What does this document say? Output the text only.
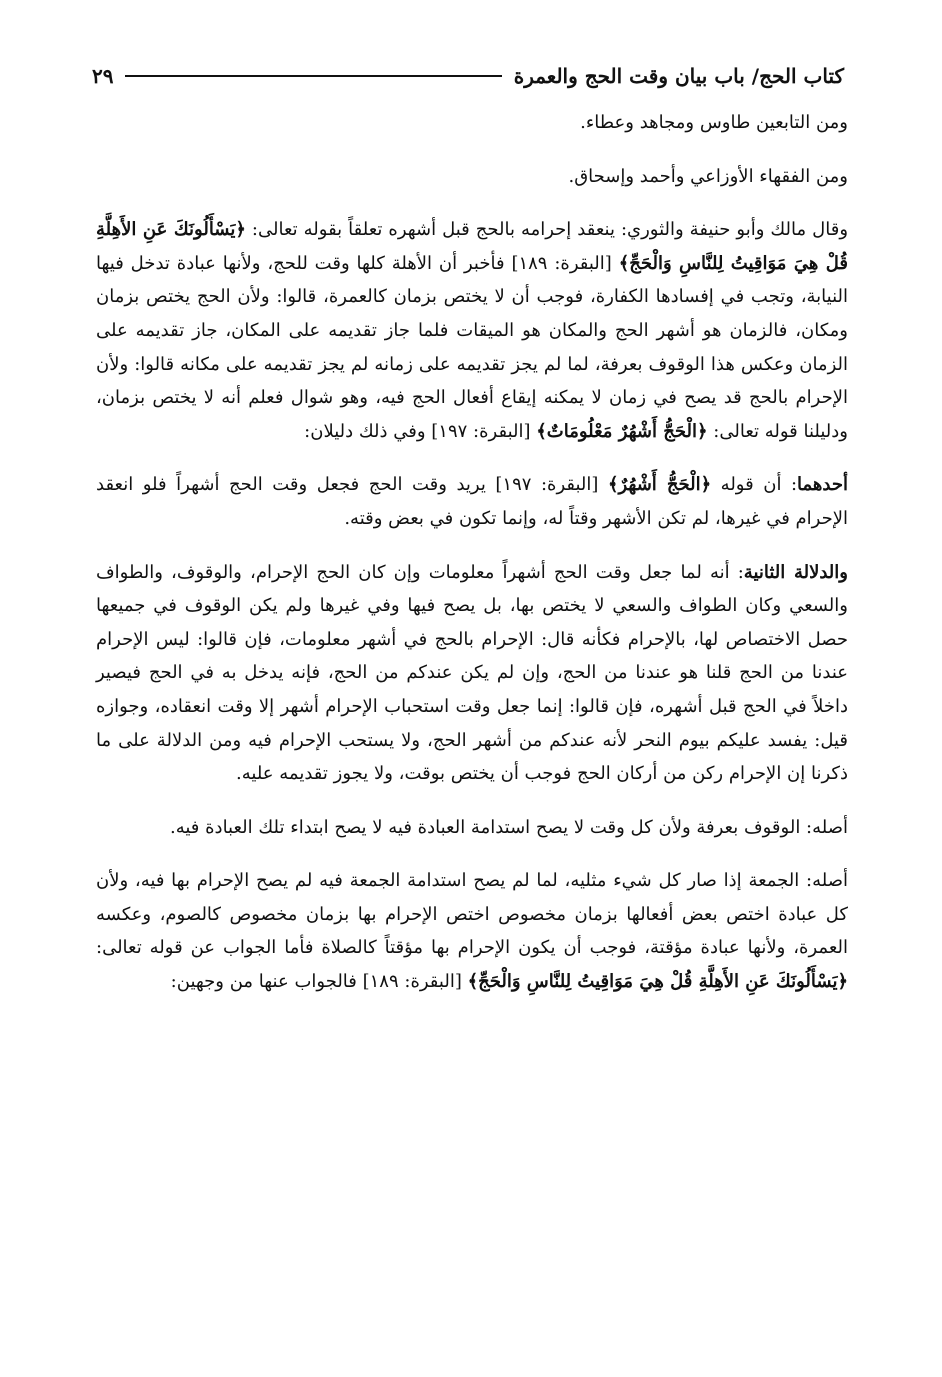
كتاب الحج/ باب بيان وقت الحج والعمرة
٢٩

ومن التابعين طاوس ومجاهد وعطاء.

ومن الفقهاء الأوزاعي وأحمد وإسحاق.

وقال مالك وأبو حنيفة والثوري: ينعقد إحرامه بالحج قبل أشهره تعلقاً بقوله تعالى: ﴿يَسْأَلُونَكَ عَنِ الأَهِلَّةِ قُلْ هِيَ مَوَاقِيتُ لِلنَّاسِ وَالْحَجِّ﴾ [البقرة: ١٨٩] فأخبر أن الأهلة كلها وقت للحج، ولأنها عبادة تدخل فيها النيابة، وتجب في إفسادها الكفارة، فوجب أن لا يختص بزمان كالعمرة، قالوا: ولأن الحج يختص بزمان ومكان، فالزمان هو أشهر الحج والمكان هو الميقات فلما جاز تقديمه على المكان، جاز تقديمه على الزمان وعكس هذا الوقوف بعرفة، لما لم يجز تقديمه على زمانه لم يجز تقديمه على مكانه قالوا: ولأن الإحرام بالحج قد يصح في زمان لا يمكنه إيقاع أفعال الحج فيه، وهو شوال فعلم أنه لا يختص بزمان، ودليلنا قوله تعالى: ﴿الْحَجُّ أَشْهُرٌ مَعْلُومَاتٌ﴾ [البقرة: ١٩٧] وفي ذلك دليلان:

أحدهما: أن قوله ﴿الْحَجُّ أَشْهُرٌ﴾ [البقرة: ١٩٧] يريد وقت الحج فجعل وقت الحج أشهراً فلو انعقد الإحرام في غيرها، لم تكن الأشهر وقتاً له، وإنما تكون في بعض وقته.

والدلالة الثانية: أنه لما جعل وقت الحج أشهراً معلومات وإن كان الحج الإحرام، والوقوف، والطواف والسعي وكان الطواف والسعي لا يختص بها، بل يصح فيها وفي غيرها ولم يكن الوقوف في جميعها حصل الاختصاص لها، بالإحرام فكأنه قال: الإحرام بالحج في أشهر معلومات، فإن قالوا: ليس الإحرام عندنا من الحج قلنا هو عندنا من الحج، وإن لم يكن عندكم من الحج، فإنه يدخل به في الحج فيصير داخلاً في الحج قبل أشهره، فإن قالوا: إنما جعل وقت استحباب الإحرام أشهر إلا وقت انعقاده، وجوازه قيل: يفسد عليكم بيوم النحر لأنه عندكم من أشهر الحج، ولا يستحب الإحرام فيه ومن الدلالة على ما ذكرنا إن الإحرام ركن من أركان الحج فوجب أن يختص بوقت، ولا يجوز تقديمه عليه.

أصله: الوقوف بعرفة ولأن كل وقت لا يصح استدامة العبادة فيه لا يصح ابتداء تلك العبادة فيه.

أصله: الجمعة إذا صار كل شيء مثليه، لما لم يصح استدامة الجمعة فيه لم يصح الإحرام بها فيه، ولأن كل عبادة اختص بعض أفعالها بزمان مخصوص اختص الإحرام بها بزمان مخصوص كالصوم، وعكسه العمرة، ولأنها عبادة مؤقتة، فوجب أن يكون الإحرام بها مؤقتاً كالصلاة فأما الجواب عن قوله تعالى: ﴿يَسْأَلُونَكَ عَنِ الأَهِلَّةِ قُلْ هِيَ مَوَاقِيتُ لِلنَّاسِ وَالْحَجِّ﴾ [البقرة: ١٨٩] فالجواب عنها من وجهين:
